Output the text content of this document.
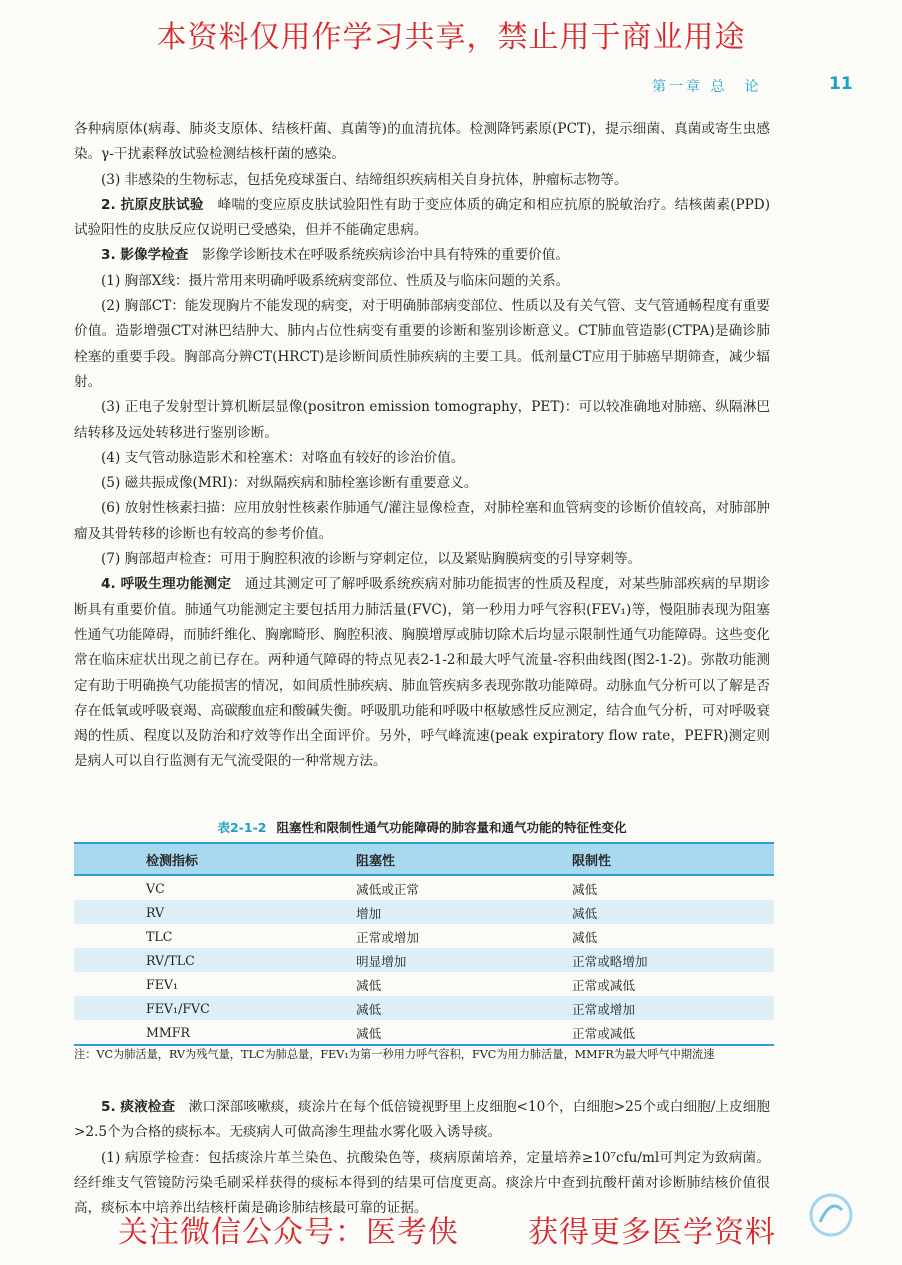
本资料仅用作学习共享，禁止用于商业用途
第一章 总　论	11

各种病原体(病毒、肺炎支原体、结核杆菌、真菌等)的血清抗体。检测降钙素原(PCT)，提示细菌、真菌或寄生虫感染。γ-干扰素释放试验检测结核杆菌的感染。

(3) 非感染的生物标志，包括免疫球蛋白、结缔组织疾病相关自身抗体，肿瘤标志物等。

2. 抗原皮肤试验　 峰喘的变应原皮肤试验阳性有助于变应体质的确定和相应抗原的脱敏治疗。结核菌素(PPD)试验阳性的皮肤反应仅说明已受感染，但并不能确定患病。

3. 影像学检查　 影像学诊断技术在呼吸系统疾病诊治中具有特殊的重要价值。

(1) 胸部X线：摄片常用来明确呼吸系统病变部位、性质及与临床问题的关系。

(2) 胸部CT：能发现胸片不能发现的病变，对于明确肺部病变部位、性质以及有关气管、支气管通畅程度有重要价值。造影增强CT对淋巴结肿大、肺内占位性病变有重要的诊断和鉴别诊断意义。CT肺血管造影(CTPA)是确诊肺栓塞的重要手段。胸部高分辨CT(HRCT)是诊断间质性肺疾病的主要工具。低剂量CT应用于肺癌早期筛查，减少辐射。

(3) 正电子发射型计算机断层显像(positron emission tomography，PET)：可以较准确地对肺癌、纵隔淋巴结转移及远处转移进行鉴别诊断。

(4) 支气管动脉造影术和栓塞术：对咯血有较好的诊治价值。

(5) 磁共振成像(MRI)：对纵隔疾病和肺栓塞诊断有重要意义。

(6) 放射性核素扫描：应用放射性核素作肺通气/灌注显像检查，对肺栓塞和血管病变的诊断价值较高，对肺部肿瘤及其骨转移的诊断也有较高的参考价值。

(7) 胸部超声检查：可用于胸腔积液的诊断与穿刺定位，以及紧贴胸膜病变的引导穿刺等。

4. 呼吸生理功能测定　 通过其测定可了解呼吸系统疾病对肺功能损害的性质及程度，对某些肺部疾病的早期诊断具有重要价值。肺通气功能测定主要包括用力肺活量(FVC)，第一秒用力呼气容积(FEV₁)等，慢阻肺表现为阻塞性通气功能障碍，而肺纤维化、胸廓畸形、胸腔积液、胸膜增厚或肺切除术后均显示限制性通气功能障碍。这些变化常在临床症状出现之前已存在。两种通气障碍的特点见表2-1-2和最大呼气流量-容积曲线图(图2-1-2)。弥散功能测定有助于明确换气功能损害的情况，如间质性肺疾病、肺血管疾病多表现弥散功能障碍。动脉血气分析可以了解是否存在低氧或呼吸衰竭、高碳酸血症和酸碱失衡。呼吸肌功能和呼吸中枢敏感性反应测定，结合血气分析，可对呼吸衰竭的性质、程度以及防治和疗效等作出全面评价。另外，呼气峰流速(peak expiratory flow rate，PEFR)测定则是病人可以自行监测有无气流受限的一种常规方法。

表2-1-2 阻塞性和限制性通气功能障碍的肺容量和通气功能的特征性变化
检测指标	阻塞性	限制性
VC	减低或正常	减低
RV	增加	减低
TLC	正常或增加	减低
RV/TLC	明显增加	正常或略增加
FEV₁	减低	正常或减低
FEV₁/FVC	减低	正常或增加
MMFR	减低	正常或减低
注：VC为肺活量，RV为残气量，TLC为肺总量，FEV₁为第一秒用力呼气容积，FVC为用力肺活量，MMFR为最大呼气中期流速

5. 痰液检查　 漱口深部咳嗽痰，痰涂片在每个低倍镜视野里上皮细胞<10个，白细胞>25个或白细胞/上皮细胞>2.5个为合格的痰标本。无痰病人可做高渗生理盐水雾化吸入诱导痰。

(1) 病原学检查：包括痰涂片革兰染色、抗酸染色等，痰病原菌培养，定量培养≥10⁷cfu/ml可判定为致病菌。经纤维支气管镜防污染毛刷采样获得的痰标本得到的结果可信度更高。痰涂片中查到抗酸杆菌对诊断肺结核价值很高，痰标本中培养出结核杆菌是确诊肺结核最可靠的证据。

关注微信公众号：医考侠 获得更多医学资料
